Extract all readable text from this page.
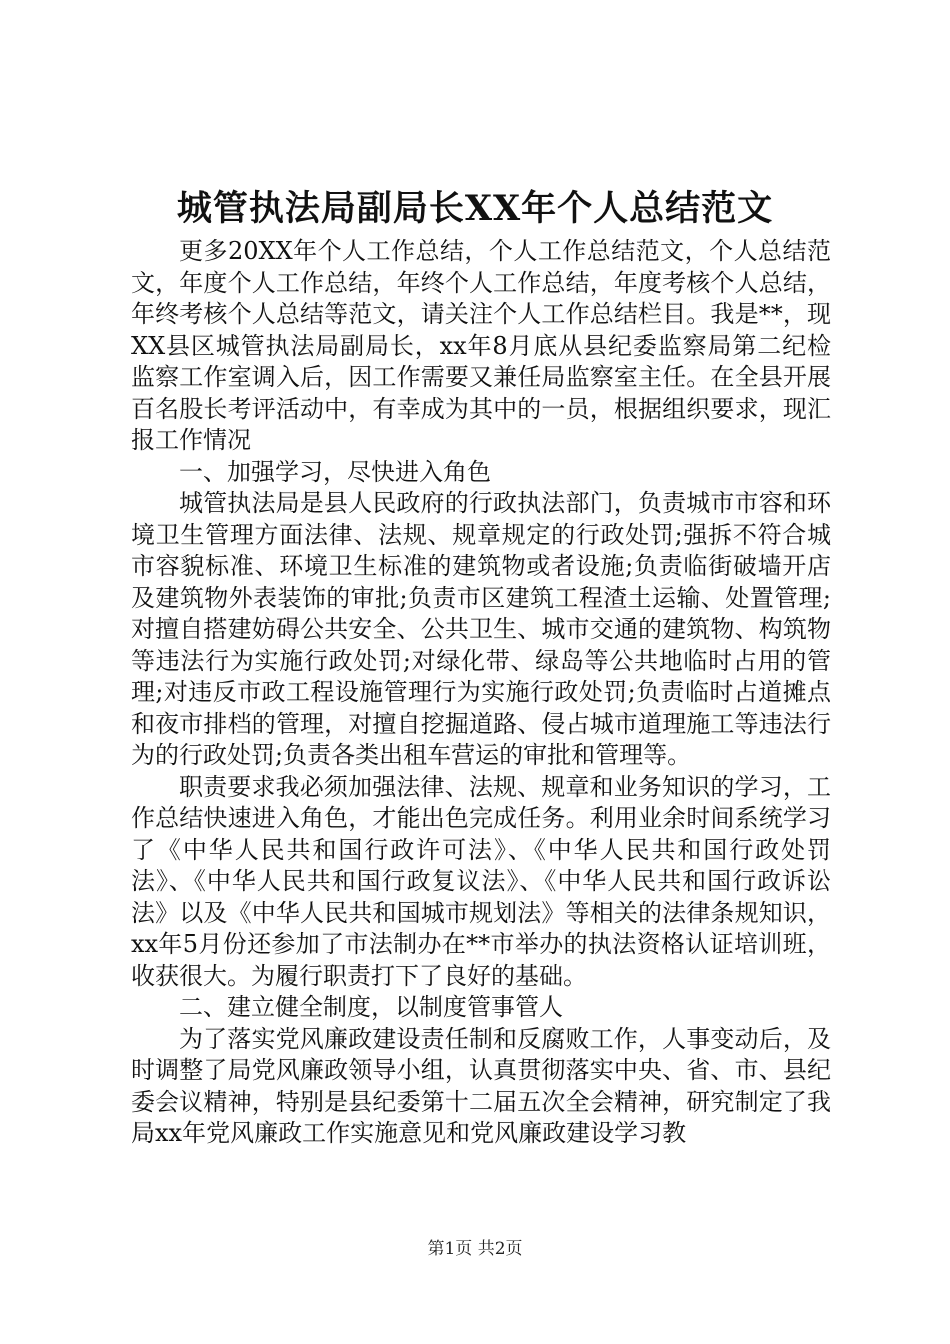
城管执法局副局长XX年个人总结范文

更多20XX年个人工作总结，个人工作总结范文，个人总结范文，年度个人工作总结，年终个人工作总结，年度考核个人总结，年终考核个人总结等范文，请关注个人工作总结栏目。我是**，现XX县区城管执法局副局长，xx年8月底从县纪委监察局第二纪检监察工作室调入后，因工作需要又兼任局监察室主任。在全县开展百名股长考评活动中，有幸成为其中的一员，根据组织要求，现汇报工作情况

一、加强学习，尽快进入角色

城管执法局是县人民政府的行政执法部门，负责城市市容和环境卫生管理方面法律、法规、规章规定的行政处罚;强拆不符合城市容貌标准、环境卫生标准的建筑物或者设施;负责临街破墙开店及建筑物外表装饰的审批;负责市区建筑工程渣土运输、处置管理;对擅自搭建妨碍公共安全、公共卫生、城市交通的建筑物、构筑物等违法行为实施行政处罚;对绿化带、绿岛等公共地临时占用的管理;对违反市政工程设施管理行为实施行政处罚;负责临时占道摊点和夜市排档的管理，对擅自挖掘道路、侵占城市道理施工等违法行为的行政处罚;负责各类出租车营运的审批和管理等。

职责要求我必须加强法律、法规、规章和业务知识的学习，工作总结快速进入角色，才能出色完成任务。利用业余时间系统学习了《中华人民共和国行政许可法》、《中华人民共和国行政处罚法》、《中华人民共和国行政复议法》、《中华人民共和国行政诉讼法》以及《中华人民共和国城市规划法》等相关的法律条规知识，xx年5月份还参加了市法制办在**市举办的执法资格认证培训班，收获很大。为履行职责打下了良好的基础。

二、建立健全制度，以制度管事管人

为了落实党风廉政建设责任制和反腐败工作，人事变动后，及时调整了局党风廉政领导小组，认真贯彻落实中央、省、市、县纪委会议精神，特别是县纪委第十二届五次全会精神，研究制定了我局xx年党风廉政工作实施意见和党风廉政建设学习教

第1页 共2页
